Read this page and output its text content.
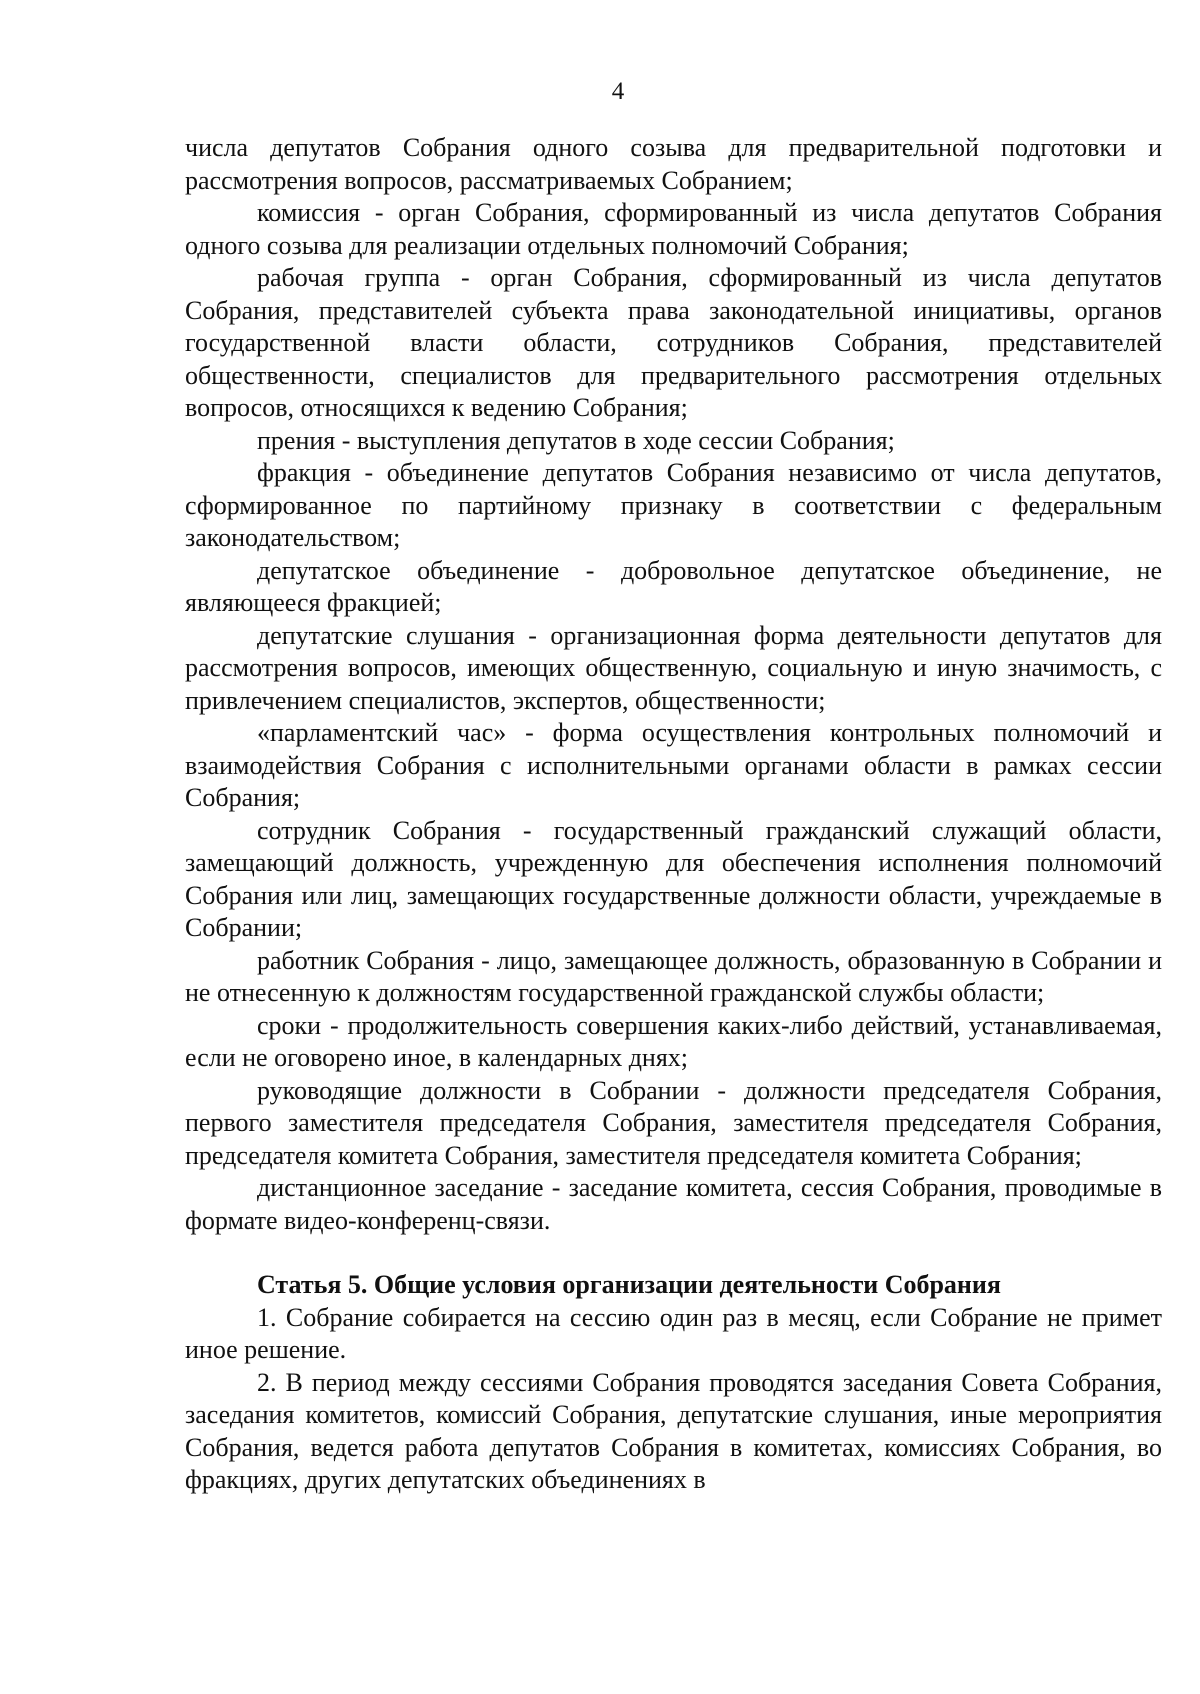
4

числа депутатов Собрания одного созыва для предварительной подготовки и рассмотрения вопросов, рассматриваемых Собранием;

комиссия - орган Собрания, сформированный из числа депутатов Собрания одного созыва для реализации отдельных полномочий Собрания;

рабочая группа - орган Собрания, сформированный из числа депутатов Собрания, представителей субъекта права законодательной инициативы, органов государственной власти области, сотрудников Собрания, представителей общественности, специалистов для предварительного рассмотрения отдельных вопросов, относящихся к ведению Собрания;

прения - выступления депутатов в ходе сессии Собрания;

фракция - объединение депутатов Собрания независимо от числа депутатов, сформированное по партийному признаку в соответствии с федеральным законодательством;

депутатское объединение - добровольное депутатское объединение, не являющееся фракцией;

депутатские слушания - организационная форма деятельности депутатов для рассмотрения вопросов, имеющих общественную, социальную и иную значимость, с привлечением специалистов, экспертов, общественности;

«парламентский час» - форма осуществления контрольных полномочий и взаимодействия Собрания с исполнительными органами области в рамках сессии Собрания;

сотрудник Собрания - государственный гражданский служащий области, замещающий должность, учрежденную для обеспечения исполнения полномочий Собрания или лиц, замещающих государственные должности области, учреждаемые в Собрании;

работник Собрания - лицо, замещающее должность, образованную в Собрании и не отнесенную к должностям государственной гражданской службы области;

сроки - продолжительность совершения каких-либо действий, устанавливаемая, если не оговорено иное, в календарных днях;

руководящие должности в Собрании - должности председателя Собрания, первого заместителя председателя Собрания, заместителя председателя Собрания, председателя комитета Собрания, заместителя председателя комитета Собрания;

дистанционное заседание - заседание комитета, сессия Собрания, проводимые в формате видео-конференц-связи.

Статья 5. Общие условия организации деятельности Собрания

1. Собрание собирается на сессию один раз в месяц, если Собрание не примет иное решение.

2. В период между сессиями Собрания проводятся заседания Совета Собрания, заседания комитетов, комиссий Собрания, депутатские слушания, иные мероприятия Собрания, ведется работа депутатов Собрания в комитетах, комиссиях Собрания, во фракциях, других депутатских объединениях в
